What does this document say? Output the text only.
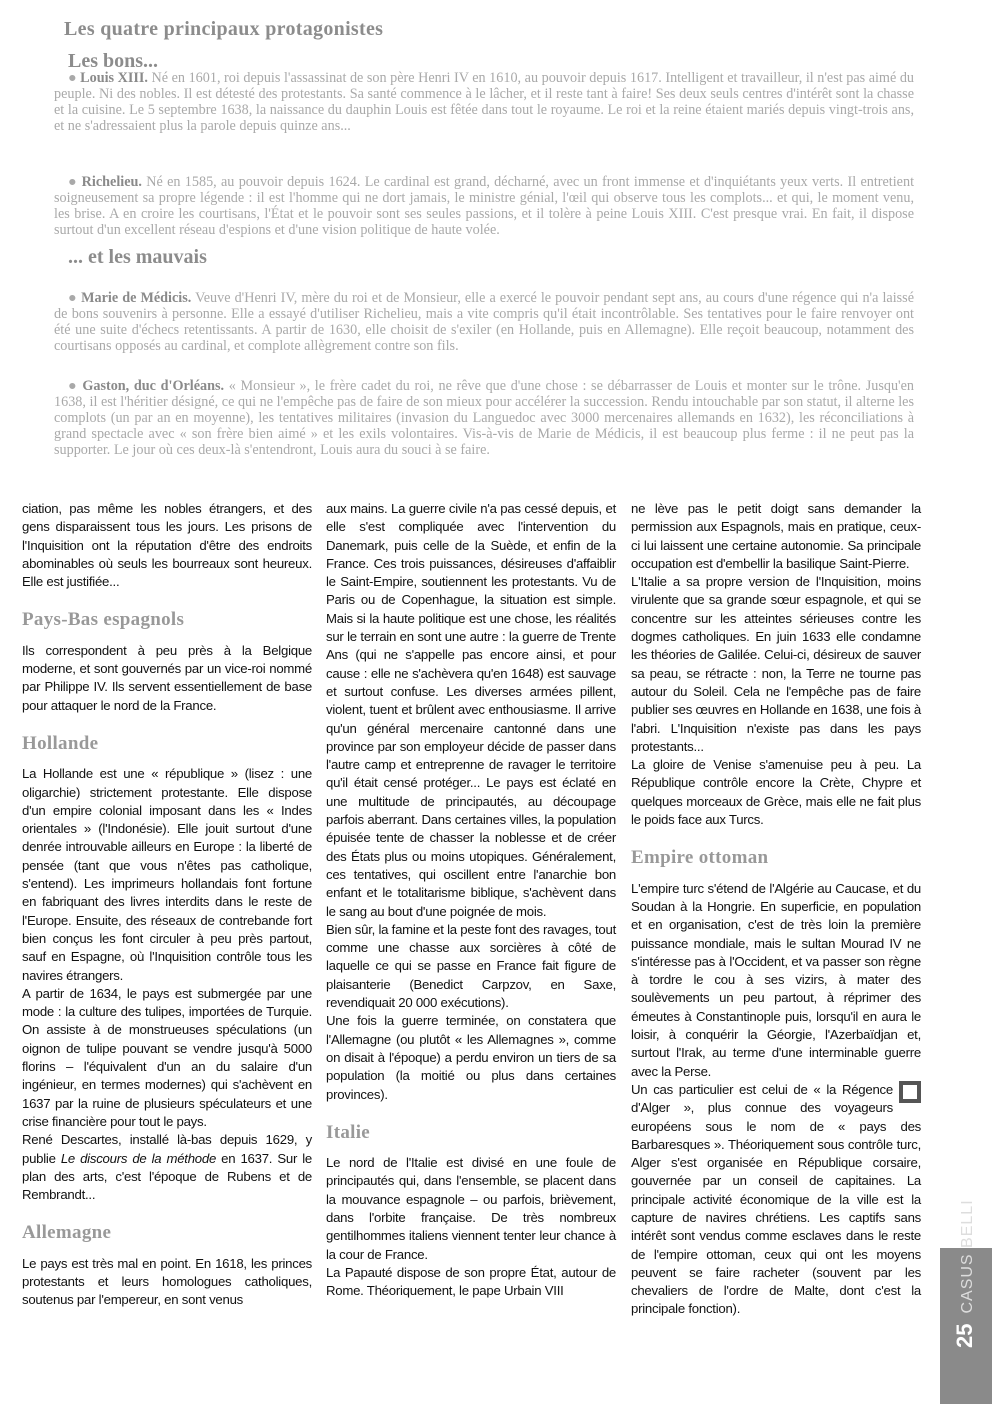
Les quatre principaux protagonistes
Les bons...
● Louis XIII. Né en 1601, roi depuis l'assassinat de son père Henri IV en 1610, au pouvoir depuis 1617. Intelligent et travailleur, il n'est pas aimé du peuple. Ni des nobles. Il est détesté des protestants. Sa santé commence à le lâcher, et il reste tant à faire! Ses deux seuls centres d'intérêt sont la chasse et la cuisine. Le 5 septembre 1638, la naissance du dauphin Louis est fêtée dans tout le royaume. Le roi et la reine étaient mariés depuis vingt-trois ans, et ne s'adressaient plus la parole depuis quinze ans...
● Richelieu. Né en 1585, au pouvoir depuis 1624. Le cardinal est grand, décharné, avec un front immense et d'inquiétants yeux verts. Il entretient soigneusement sa propre légende : il est l'homme qui ne dort jamais, le ministre génial, l'œil qui observe tous les complots... et qui, le moment venu, les brise. A en croire les courtisans, l'État et le pouvoir sont ses seules passions, et il tolère à peine Louis XIII. C'est presque vrai. En fait, il dispose surtout d'un excellent réseau d'espions et d'une vision politique de haute volée.
... et les mauvais
● Marie de Médicis. Veuve d'Henri IV, mère du roi et de Monsieur, elle a exercé le pouvoir pendant sept ans, au cours d'une régence qui n'a laissé de bons souvenirs à personne. Elle a essayé d'utiliser Richelieu, mais a vite compris qu'il était incontrôlable. Ses tentatives pour le faire renvoyer ont été une suite d'échecs retentissants. A partir de 1630, elle choisit de s'exiler (en Hollande, puis en Allemagne). Elle reçoit beaucoup, notamment des courtisans opposés au cardinal, et complote allègrement contre son fils.
● Gaston, duc d'Orléans. « Monsieur », le frère cadet du roi, ne rêve que d'une chose : se débarrasser de Louis et monter sur le trône. Jusqu'en 1638, il est l'héritier désigné, ce qui ne l'empêche pas de faire de son mieux pour accélérer la succession. Rendu intouchable par son statut, il alterne les complots (un par an en moyenne), les tentatives militaires (invasion du Languedoc avec 3000 mercenaires allemands en 1632), les réconciliations à grand spectacle avec « son frère bien aimé » et les exils volontaires. Vis-à-vis de Marie de Médicis, il est beaucoup plus ferme : il ne peut pas la supporter. Le jour où ces deux-là s'entendront, Louis aura du souci à se faire.

ciation, pas même les nobles étrangers, et des gens disparaissent tous les jours. Les prisons de l'Inquisition ont la réputation d'être des endroits abominables où seuls les bourreaux sont heureux. Elle est justifiée...

Pays-Bas espagnols

Ils correspondent à peu près à la Belgique moderne, et sont gouvernés par un vice-roi nommé par Philippe IV. Ils servent essentiellement de base pour attaquer le nord de la France.

Hollande

La Hollande est une « république » (lisez : une oligarchie) strictement protestante. Elle dispose d'un empire colonial imposant dans les « Indes orientales » (l'Indonésie). Elle jouit surtout d'une denrée introuvable ailleurs en Europe : la liberté de pensée (tant que vous n'êtes pas catholique, s'entend). Les imprimeurs hollandais font fortune en fabriquant des livres interdits dans le reste de l'Europe. Ensuite, des réseaux de contrebande fort bien conçus les font circuler à peu près partout, sauf en Espagne, où l'Inquisition contrôle tous les navires étrangers.

A partir de 1634, le pays est submergée par une mode : la culture des tulipes, importées de Turquie. On assiste à de monstrueuses spéculations (un oignon de tulipe pouvant se vendre jusqu'à 5000 florins – l'équivalent d'un an du salaire d'un ingénieur, en termes modernes) qui s'achèvent en 1637 par la ruine de plusieurs spéculateurs et une crise financière pour tout le pays.

René Descartes, installé là-bas depuis 1629, y publie Le discours de la méthode en 1637. Sur le plan des arts, c'est l'époque de Rubens et de Rembrandt...

Allemagne

Le pays est très mal en point. En 1618, les princes protestants et leurs homologues catholiques, soutenus par l'empereur, en sont venus

aux mains. La guerre civile n'a pas cessé depuis, et elle s'est compliquée avec l'intervention du Danemark, puis celle de la Suède, et enfin de la France. Ces trois puissances, désireuses d'affaiblir le Saint-Empire, soutiennent les protestants. Vu de Paris ou de Copenhague, la situation est simple. Mais si la haute politique est une chose, les réalités sur le terrain en sont une autre : la guerre de Trente Ans (qui ne s'appelle pas encore ainsi, et pour cause : elle ne s'achèvera qu'en 1648) est sauvage et surtout confuse. Les diverses armées pillent, violent, tuent et brûlent avec enthousiasme. Il arrive qu'un général mercenaire cantonné dans une province par son employeur décide de passer dans l'autre camp et entreprenne de ravager le territoire qu'il était censé protéger... Le pays est éclaté en une multitude de principautés, au découpage parfois aberrant. Dans certaines villes, la population épuisée tente de chasser la noblesse et de créer des États plus ou moins utopiques. Généralement, ces tentatives, qui oscillent entre l'anarchie bon enfant et le totalitarisme biblique, s'achèvent dans le sang au bout d'une poignée de mois.

Bien sûr, la famine et la peste font des ravages, tout comme une chasse aux sorcières à côté de laquelle ce qui se passe en France fait figure de plaisanterie (Benedict Carpzov, en Saxe, revendiquait 20 000 exécutions).

Une fois la guerre terminée, on constatera que l'Allemagne (ou plutôt « les Allemagnes », comme on disait à l'époque) a perdu environ un tiers de sa population (la moitié ou plus dans certaines provinces).

Italie

Le nord de l'Italie est divisé en une foule de principautés qui, dans l'ensemble, se placent dans la mouvance espagnole – ou parfois, brièvement, dans l'orbite française. De très nombreux gentilhommes italiens viennent tenter leur chance à la cour de France.

La Papauté dispose de son propre État, autour de Rome. Théoriquement, le pape Urbain VIII

ne lève pas le petit doigt sans demander la permission aux Espagnols, mais en pratique, ceux-ci lui laissent une certaine autonomie. Sa principale occupation est d'embellir la basilique Saint-Pierre.

L'Italie a sa propre version de l'Inquisition, moins virulente que sa grande sœur espagnole, et qui se concentre sur les atteintes sérieuses contre les dogmes catholiques. En juin 1633 elle condamne les théories de Galilée. Celui-ci, désireux de sauver sa peau, se rétracte : non, la Terre ne tourne pas autour du Soleil. Cela ne l'empêche pas de faire publier ses œuvres en Hollande en 1638, une fois à l'abri. L'Inquisition n'existe pas dans les pays protestants...

La gloire de Venise s'amenuise peu à peu. La République contrôle encore la Crète, Chypre et quelques morceaux de Grèce, mais elle ne fait plus le poids face aux Turcs.

Empire ottoman

L'empire turc s'étend de l'Algérie au Caucase, et du Soudan à la Hongrie. En superficie, en population et en organisation, c'est de très loin la première puissance mondiale, mais le sultan Mourad IV ne s'intéresse pas à l'Occident, et va passer son règne à tordre le cou à ses vizirs, à mater des soulèvements un peu partout, à réprimer des émeutes à Constantinople puis, lorsqu'il en aura le loisir, à conquérir la Géorgie, l'Azerbaïdjan et, surtout l'Irak, au terme d'une interminable guerre avec la Perse.

Un cas particulier est celui de « la Régence d'Alger », plus connue des voyageurs européens sous le nom de « pays des Barbaresques ». Théoriquement sous contrôle turc, Alger s'est organisée en République corsaire, gouvernée par un conseil de capitaines. La principale activité économique de la ville est la capture de navires chrétiens. Les captifs sans intérêt sont vendus comme esclaves dans le reste de l'empire ottoman, ceux qui ont les moyens peuvent se faire racheter (souvent par les chevaliers de l'ordre de Malte, dont c'est la principale fonction).

25CASUS BELLI
